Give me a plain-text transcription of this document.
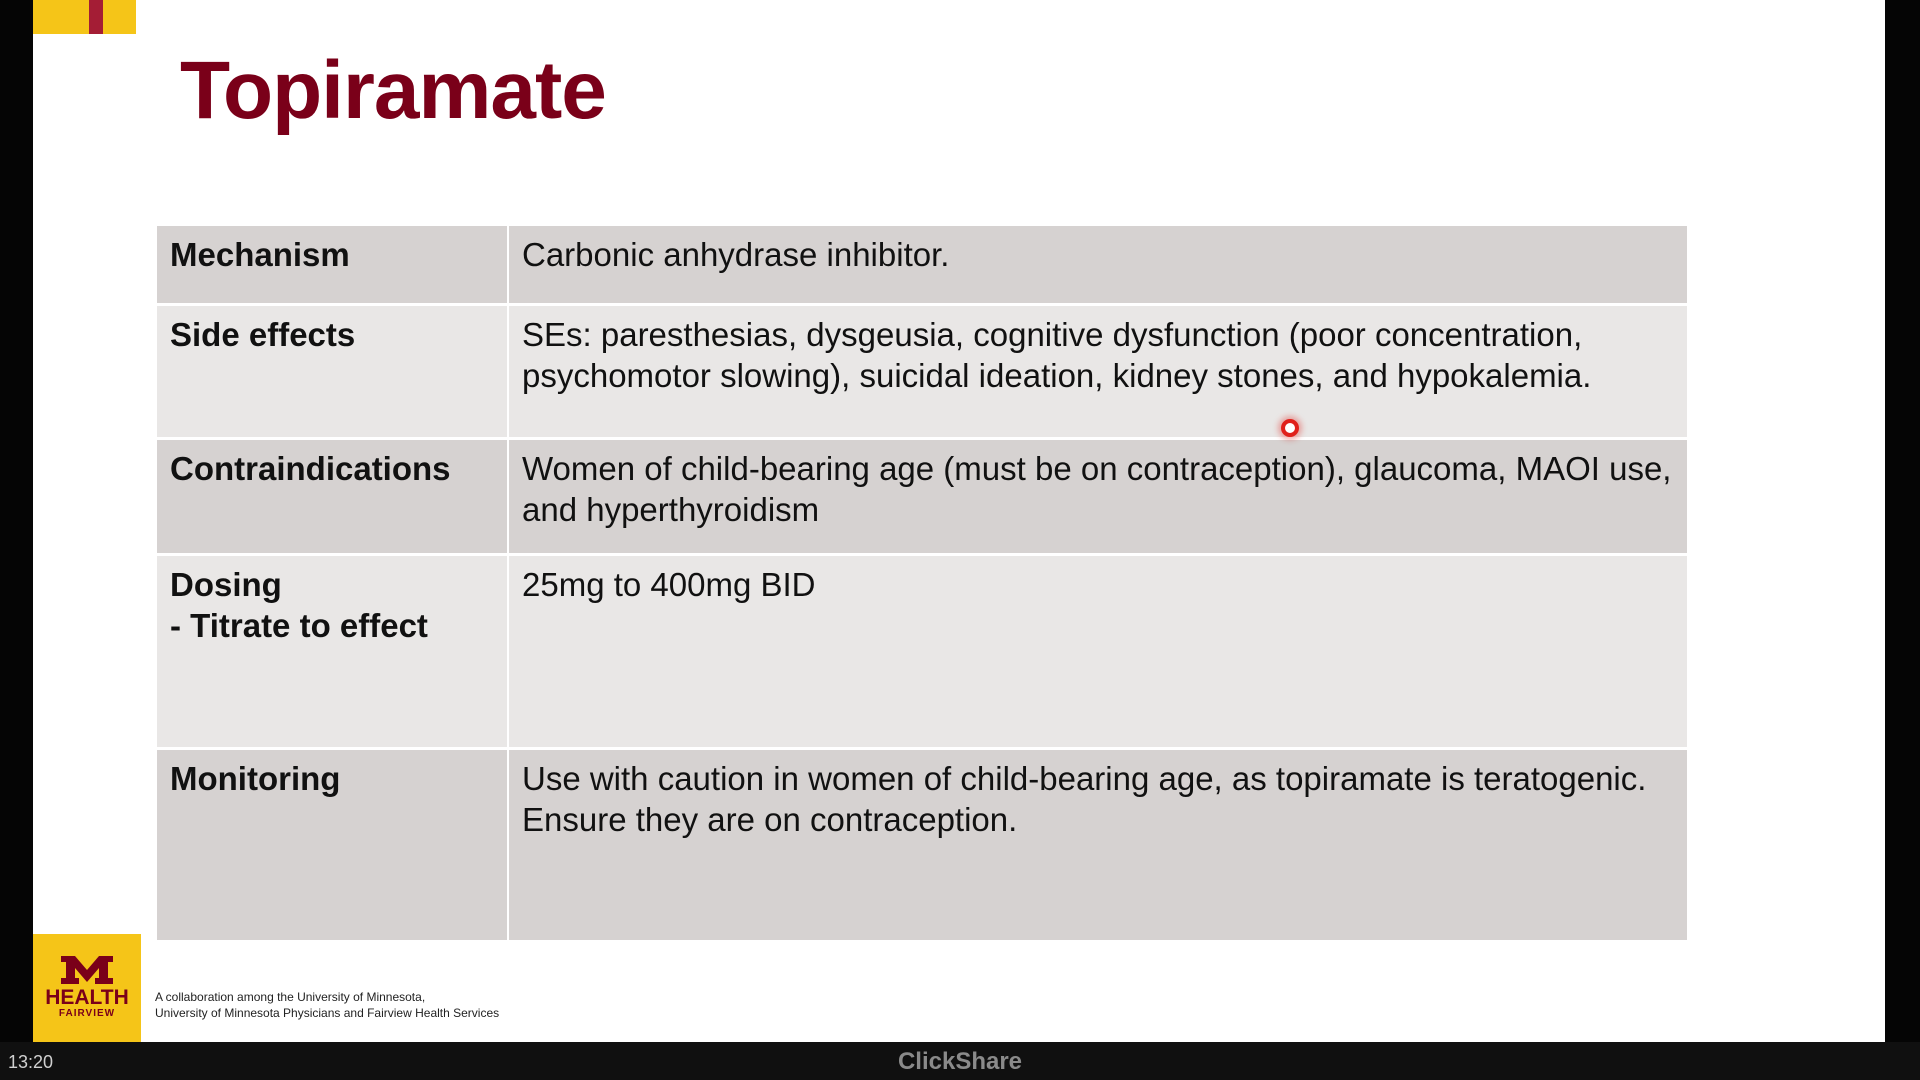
Topiramate
Mechanism	Carbonic anhydrase inhibitor.
Side effects	SEs: paresthesias, dysgeusia, cognitive dysfunction (poor concentration, psychomotor slowing), suicidal ideation, kidney stones, and hypokalemia.
Contraindications	Women of child-bearing age (must be on contraception), glaucoma, MAOI use, and hyperthyroidism

Dosing
- Titrate to effect	25mg to 400mg BID
Monitoring	Use with caution in women of child-bearing age, as topiramate is teratogenic. Ensure they are on contraception.
HEALTH
FAIRVIEW
A collaboration among the University of Minnesota,
University of Minnesota Physicians and Fairview Health Services
13:20	ClickShare
